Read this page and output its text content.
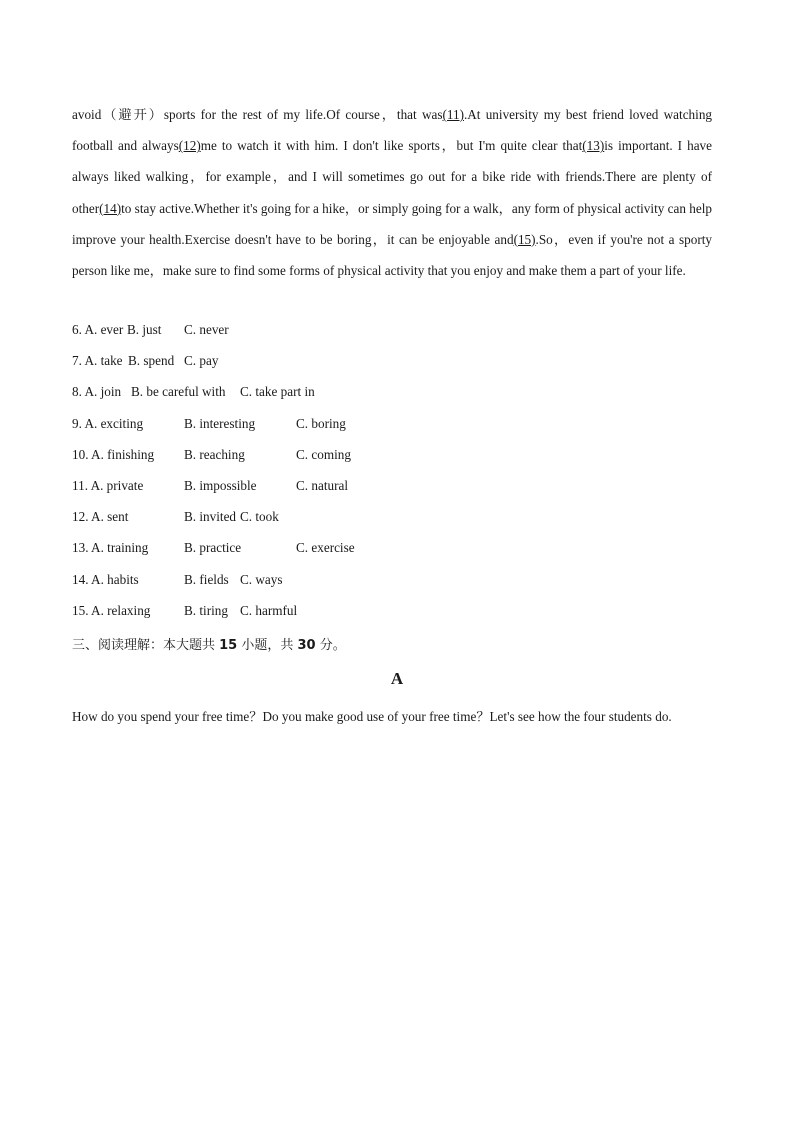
avoid（避开）sports for the rest of my life.Of course，that was(11).At university my best friend loved watching football and always(12)me to watch it with him. I don't like sports，but I'm quite clear that(13)is important. I have always liked walking，for example，and I will sometimes go out for a bike ride with friends.There are plenty of other(14)to stay active.Whether it's going for a hike，or simply going for a walk，any form of physical activity can help improve your health.Exercise doesn't have to be boring，it can be enjoyable and(15).So，even if you're not a sporty person like me，make sure to find some forms of physical activity that you enjoy and make them a part of your life.
6. A. ever B. just C. never
7. A. take B. spend C. pay
8. A. join B. be careful with C. take part in
9. A. exciting	B. interesting	C. boring
10. A. finishing B. reaching	C. coming
11. A. private	B. impossible	C. natural
12. A. sent	B. invited C. took
13. A. training	B. practice	C. exercise
14. A. habits	B. fields C. ways
15. A. relaxing	B. tiring C. harmful
三、阅读理解：本大题共 15 小题，共 30 分。
A
How do you spend your free time？Do you make good use of your free time？Let's see how the four students do.
